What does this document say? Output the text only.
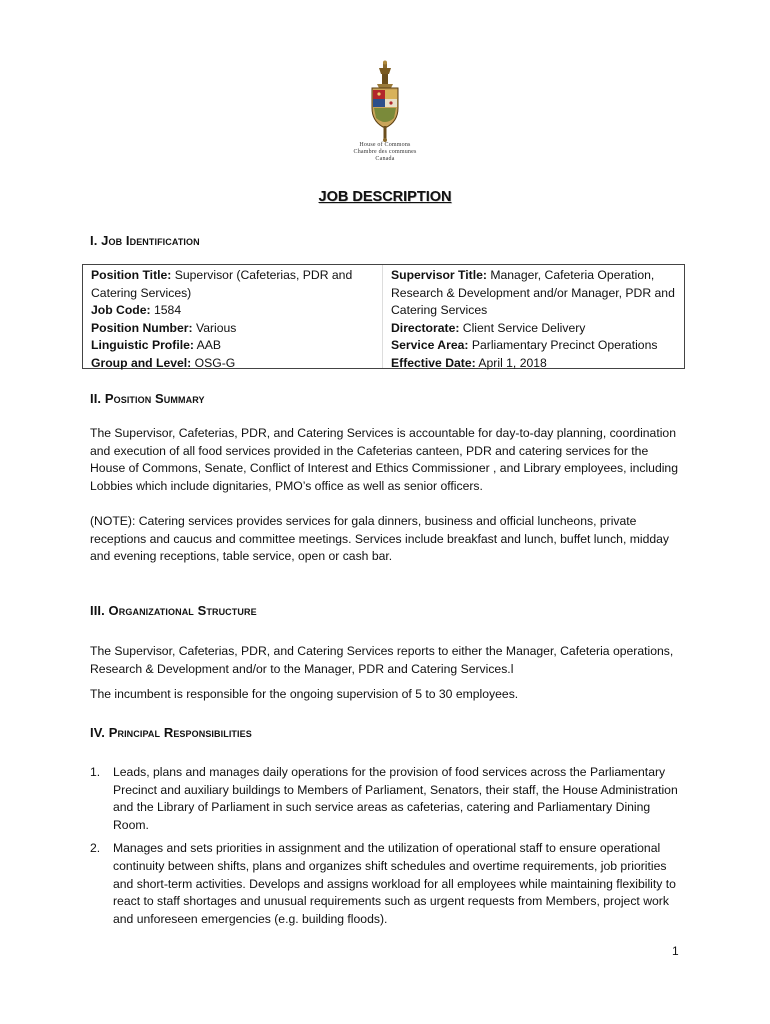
House of Commons
Chambre des communes
Canada
JOB DESCRIPTION
I. Job Identification
Position Title: Supervisor (Cafeterias, PDR and Catering Services)
Job Code: 1584
Position Number: Various
Linguistic Profile: AAB
Group and Level: OSG-G
Supervisor Title: Manager, Cafeteria Operation, Research & Development and/or Manager, PDR and Catering Services
Directorate: Client Service Delivery
Service Area: Parliamentary Precinct Operations
Effective Date: April 1, 2018
II. Position Summary
The Supervisor, Cafeterias, PDR, and Catering Services is accountable for day-to-day planning, coordination and execution of all food services provided in the Cafeterias canteen, PDR and catering services for the House of Commons, Senate, Conflict of Interest and Ethics Commissioner , and Library employees, including Lobbies which include dignitaries, PMO’s office as well as senior officers.
(NOTE): Catering services provides services for gala dinners, business and official luncheons, private receptions and caucus and committee meetings. Services include breakfast and lunch, buffet lunch, midday and evening receptions, table service, open or cash bar.
III. Organizational Structure
The Supervisor, Cafeterias, PDR, and Catering Services reports to either the Manager, Cafeteria operations, Research & Development and/or to the Manager, PDR and Catering Services.l
The incumbent is responsible for the ongoing supervision of 5 to 30 employees.
IV. Principal Responsibilities
1. Leads, plans and manages daily operations for the provision of food services across the Parliamentary Precinct and auxiliary buildings to Members of Parliament, Senators, their staff, the House Administration and the Library of Parliament in such service areas as cafeterias, catering and Parliamentary Dining Room.
2. Manages and sets priorities in assignment and the utilization of operational staff to ensure operational continuity between shifts, plans and organizes shift schedules and overtime requirements, job priorities and short-term activities. Develops and assigns workload for all employees while maintaining flexibility to react to staff shortages and unusual requirements such as urgent requests from Members, project work and unforeseen emergencies (e.g. building floods).
1
